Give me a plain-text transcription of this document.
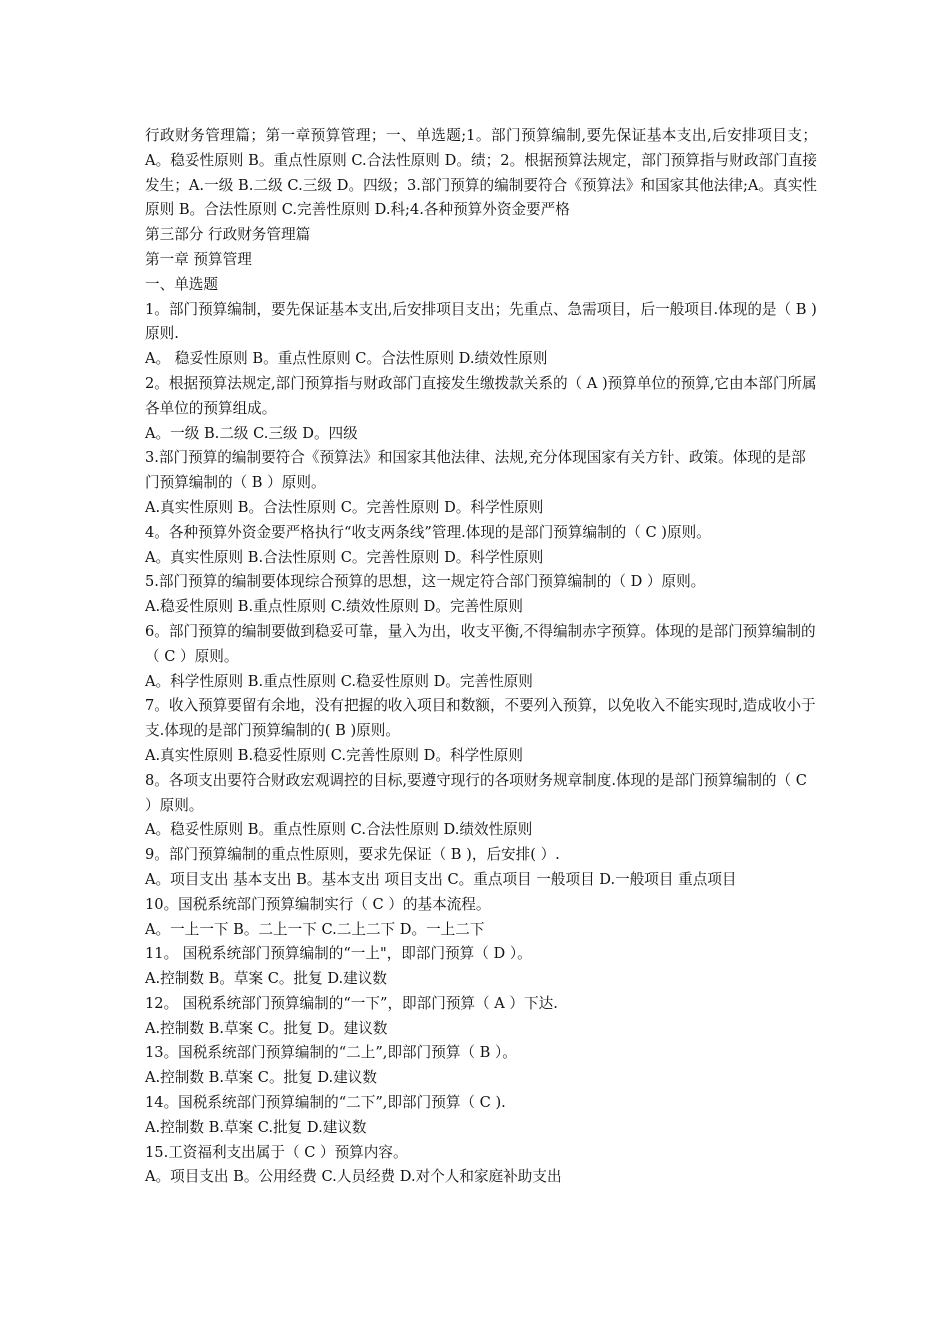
行政财务管理篇；第一章预算管理；一、单选题;1。部门预算编制,要先保证基本支出,后安排项目支；A。稳妥性原则 B。重点性原则 C.合法性原则 D。绩；2。根据预算法规定，部门预算指与财政部门直接发生；A.一级 B.二级 C.三级 D。四级；3.部门预算的编制要符合《预算法》和国家其他法律;A。真实性原则 B。合法性原则 C.完善性原则 D.科;4.各种预算外资金要严格

第三部分 行政财务管理篇

第一章 预算管理

一、单选题

1。部门预算编制，要先保证基本支出,后安排项目支出；先重点、急需项目，后一般项目.体现的是（ B )原则.

A。 稳妥性原则 B。重点性原则 C。合法性原则 D.绩效性原则

2。根据预算法规定,部门预算指与财政部门直接发生缴拨款关系的（ A )预算单位的预算,它由本部门所属各单位的预算组成。

A。一级 B.二级 C.三级 D。四级

3.部门预算的编制要符合《预算法》和国家其他法律、法规,充分体现国家有关方针、政策。体现的是部门预算编制的（ B ）原则。

A.真实性原则 B。合法性原则 C。完善性原则 D。科学性原则

4。各种预算外资金要严格执行“收支两条线”管理.体现的是部门预算编制的（ C )原则。

A。真实性原则 B.合法性原则 C。完善性原则 D。科学性原则

5.部门预算的编制要体现综合预算的思想，这一规定符合部门预算编制的（ D ）原则。

A.稳妥性原则 B.重点性原则 C.绩效性原则 D。完善性原则

6。部门预算的编制要做到稳妥可靠，量入为出，收支平衡,不得编制赤字预算。体现的是部门预算编制的（ C ）原则。

A。科学性原则 B.重点性原则 C.稳妥性原则 D。完善性原则

7。收入预算要留有余地，没有把握的收入项目和数额，不要列入预算，以免收入不能实现时,造成收小于支.体现的是部门预算编制的( B )原则。

A.真实性原则 B.稳妥性原则 C.完善性原则 D。科学性原则

8。各项支出要符合财政宏观调控的目标,要遵守现行的各项财务规章制度.体现的是部门预算编制的（ C ）原则。

A。稳妥性原则 B。重点性原则 C.合法性原则 D.绩效性原则

9。部门预算编制的重点性原则，要求先保证（ B )，后安排( ）.

A。项目支出 基本支出 B。基本支出 项目支出 C。重点项目 一般项目 D.一般项目 重点项目

10。国税系统部门预算编制实行（ C ）的基本流程。

A。一上一下 B。二上一下 C.二上二下 D。一上二下

11。 国税系统部门预算编制的“一上"，即部门预算（ D ）。

A.控制数 B。草案 C。批复 D.建议数

12。 国税系统部门预算编制的“一下”，即部门预算（ A ）下达.

A.控制数 B.草案 C。批复 D。建议数

13。国税系统部门预算编制的“二上”,即部门预算（ B ）。

A.控制数 B.草案 C。批复 D.建议数

14。国税系统部门预算编制的“二下”,即部门预算（ C ).

A.控制数 B.草案 C.批复 D.建议数

15.工资福利支出属于（ C ）预算内容。

A。项目支出 B。公用经费 C.人员经费 D.对个人和家庭补助支出
